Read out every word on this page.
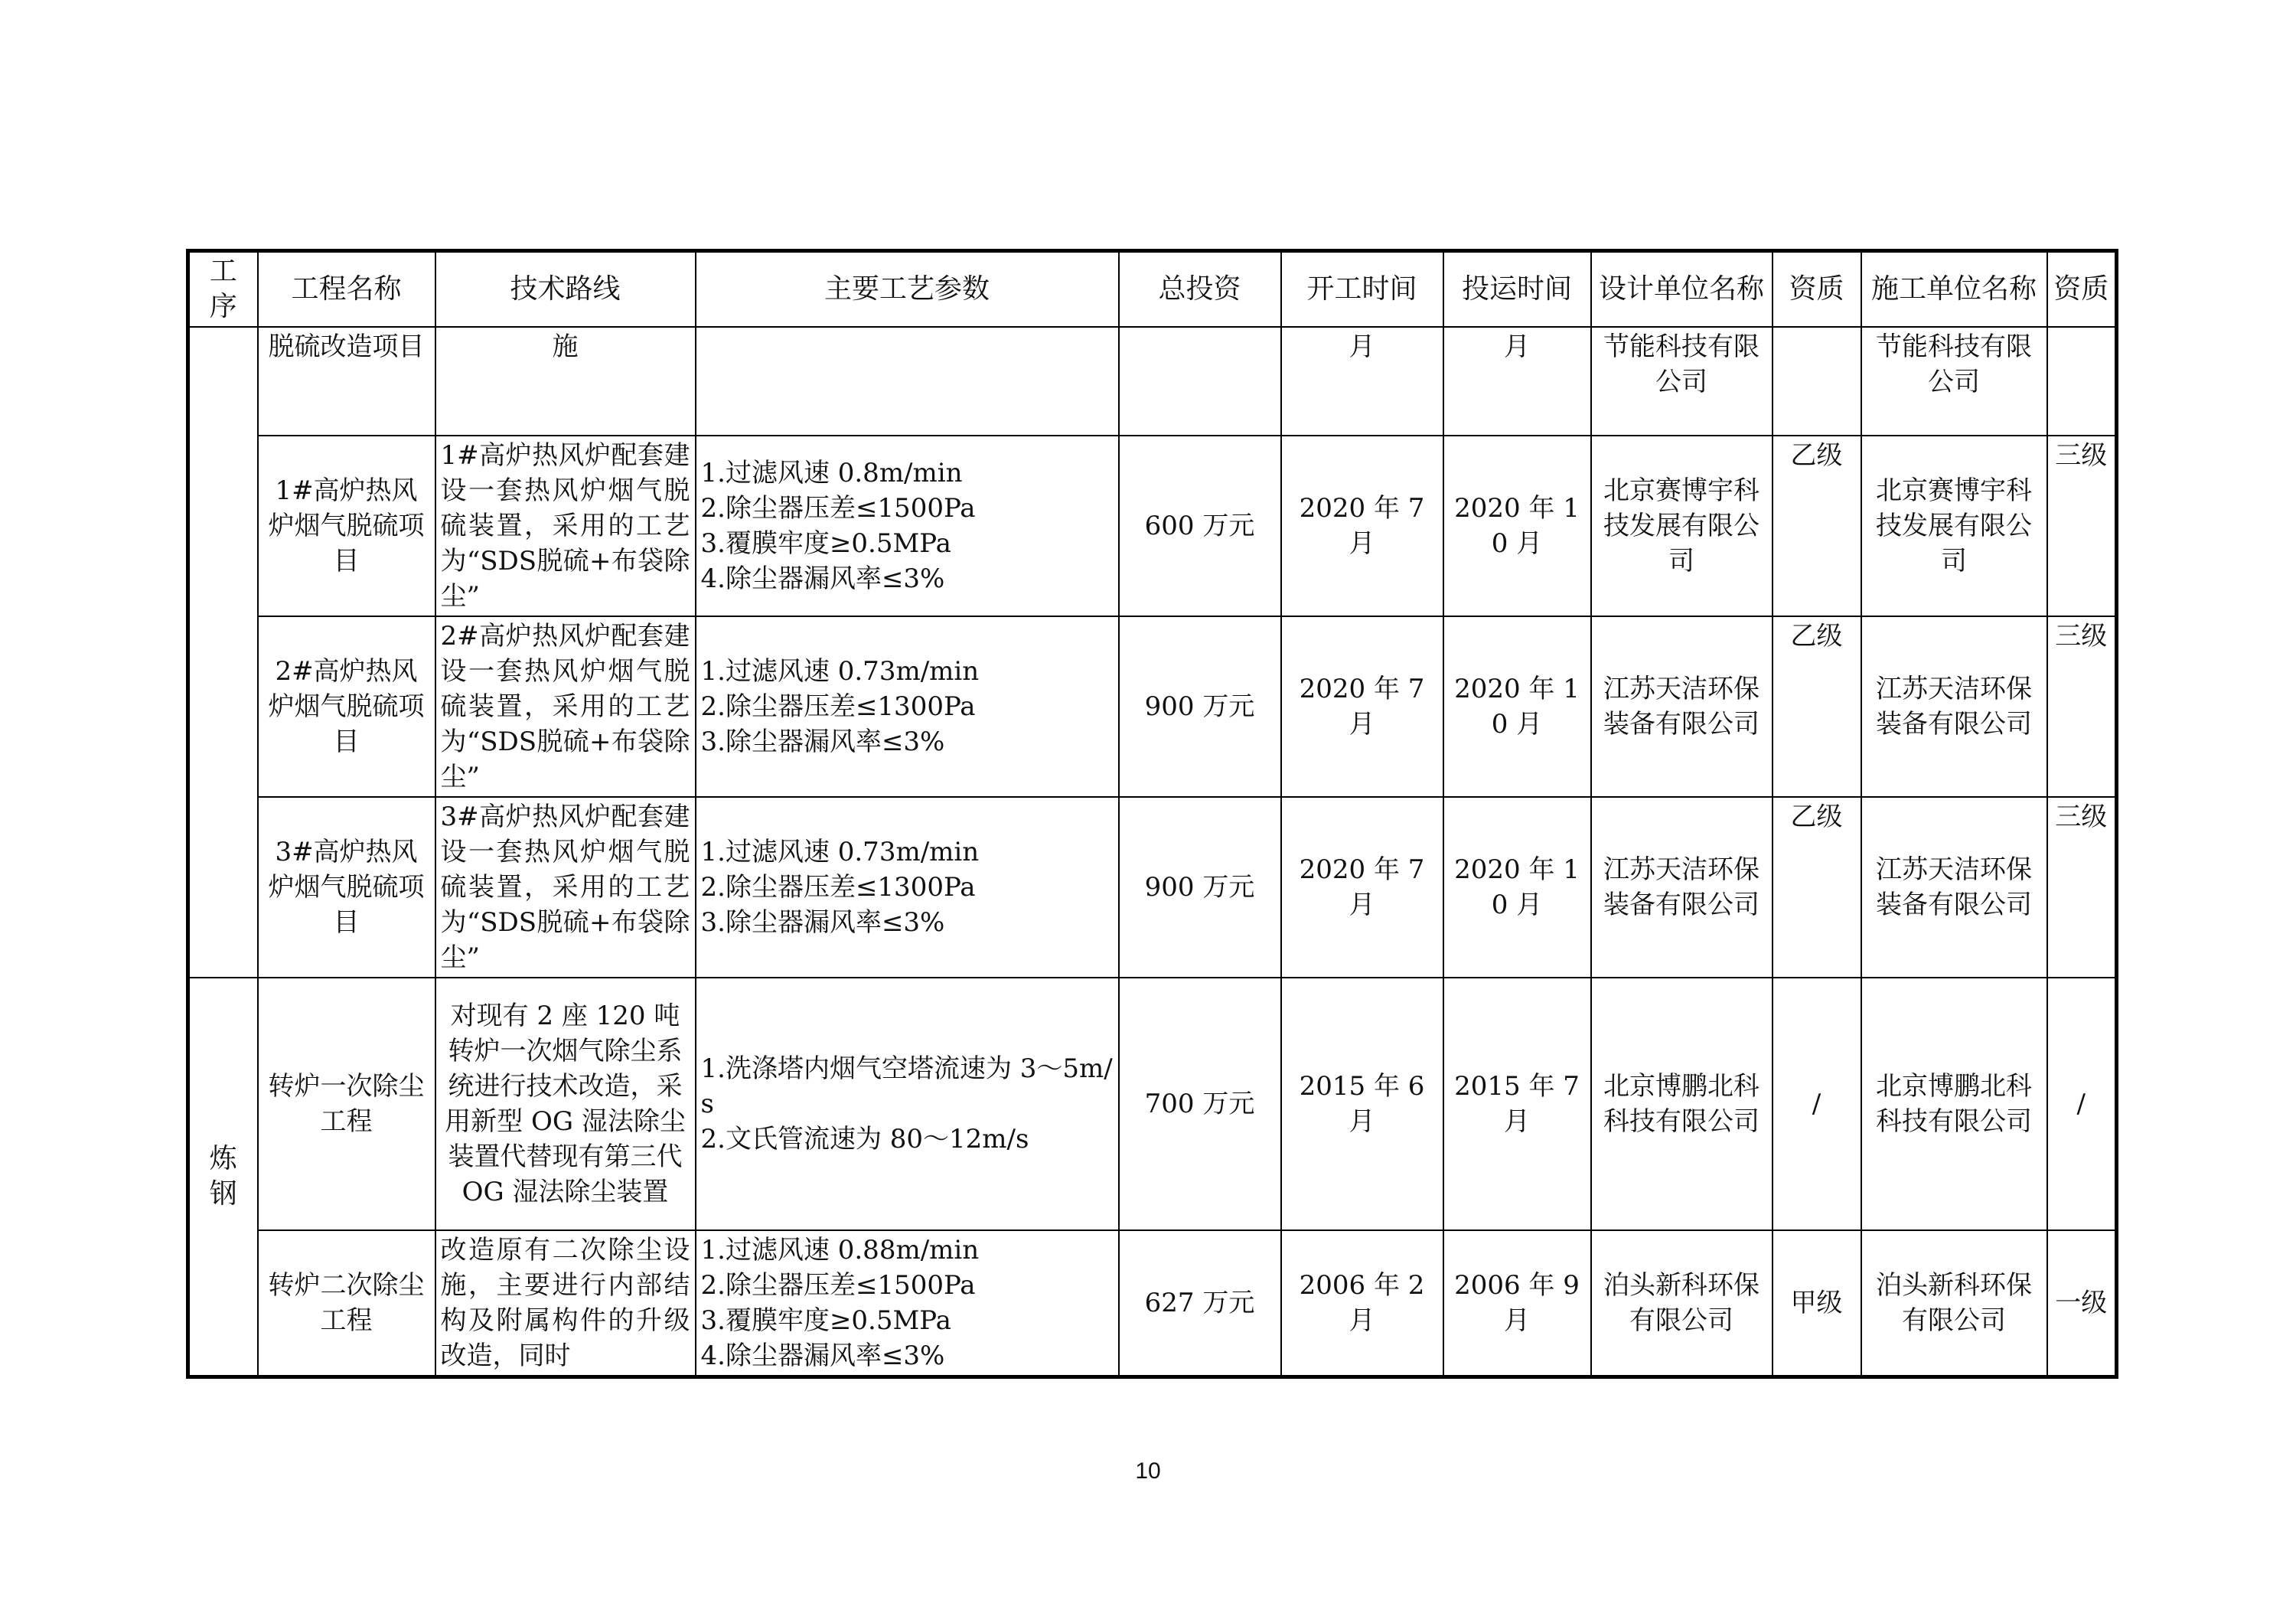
工序	工程名称	技术路线	主要工艺参数	总投资	开工时间	投运时间	设计单位名称	资质	施工单位名称	资质

	脱硫改造项目	施			月	月	节能科技有限公司		节能科技有限公司	
	1#高炉热风炉烟气脱硫项目	1#高炉热风炉配套建设一套热风炉烟气脱硫装置，采用的工艺为“SDS脱硫+布袋除尘”	1.过滤风速 0.8m/min
2.除尘器压差≤1500Pa
3.覆膜牢度≥0.5MPa
4.除尘器漏风率≤3%	600 万元	2020 年 7 月	2020 年 10 月	北京赛博宇科技发展有限公司	乙级	北京赛博宇科技发展有限公司	三级
	2#高炉热风炉烟气脱硫项目	2#高炉热风炉配套建设一套热风炉烟气脱硫装置，采用的工艺为“SDS脱硫+布袋除尘”	1.过滤风速 0.73m/min
2.除尘器压差≤1300Pa
3.除尘器漏风率≤3%	900 万元	2020 年 7 月	2020 年 10 月	江苏天洁环保装备有限公司	乙级	江苏天洁环保装备有限公司	三级
	3#高炉热风炉烟气脱硫项目	3#高炉热风炉配套建设一套热风炉烟气脱硫装置，采用的工艺为“SDS脱硫+布袋除尘”	1.过滤风速 0.73m/min
2.除尘器压差≤1300Pa
3.除尘器漏风率≤3%	900 万元	2020 年 7 月	2020 年 10 月	江苏天洁环保装备有限公司	乙级	江苏天洁环保装备有限公司	三级

炼钢	转炉一次除尘工程	对现有 2 座 120 吨转炉一次烟气除尘系统进行技术改造，采用新型 OG 湿法除尘装置代替现有第三代 OG 湿法除尘装置	1.洗涤塔内烟气空塔流速为 3～5m/s
2.文氏管流速为 80～12m/s	700 万元	2015 年 6 月	2015 年 7 月	北京博鹏北科科技有限公司	/	北京博鹏北科科技有限公司	/
	转炉二次除尘工程	改造原有二次除尘设施，主要进行内部结构及附属构件的升级改造，同时	1.过滤风速 0.88m/min
2.除尘器压差≤1500Pa
3.覆膜牢度≥0.5MPa
4.除尘器漏风率≤3%	627 万元	2006 年 2 月	2006 年 9 月	泊头新科环保有限公司	甲级	泊头新科环保有限公司	一级
10
